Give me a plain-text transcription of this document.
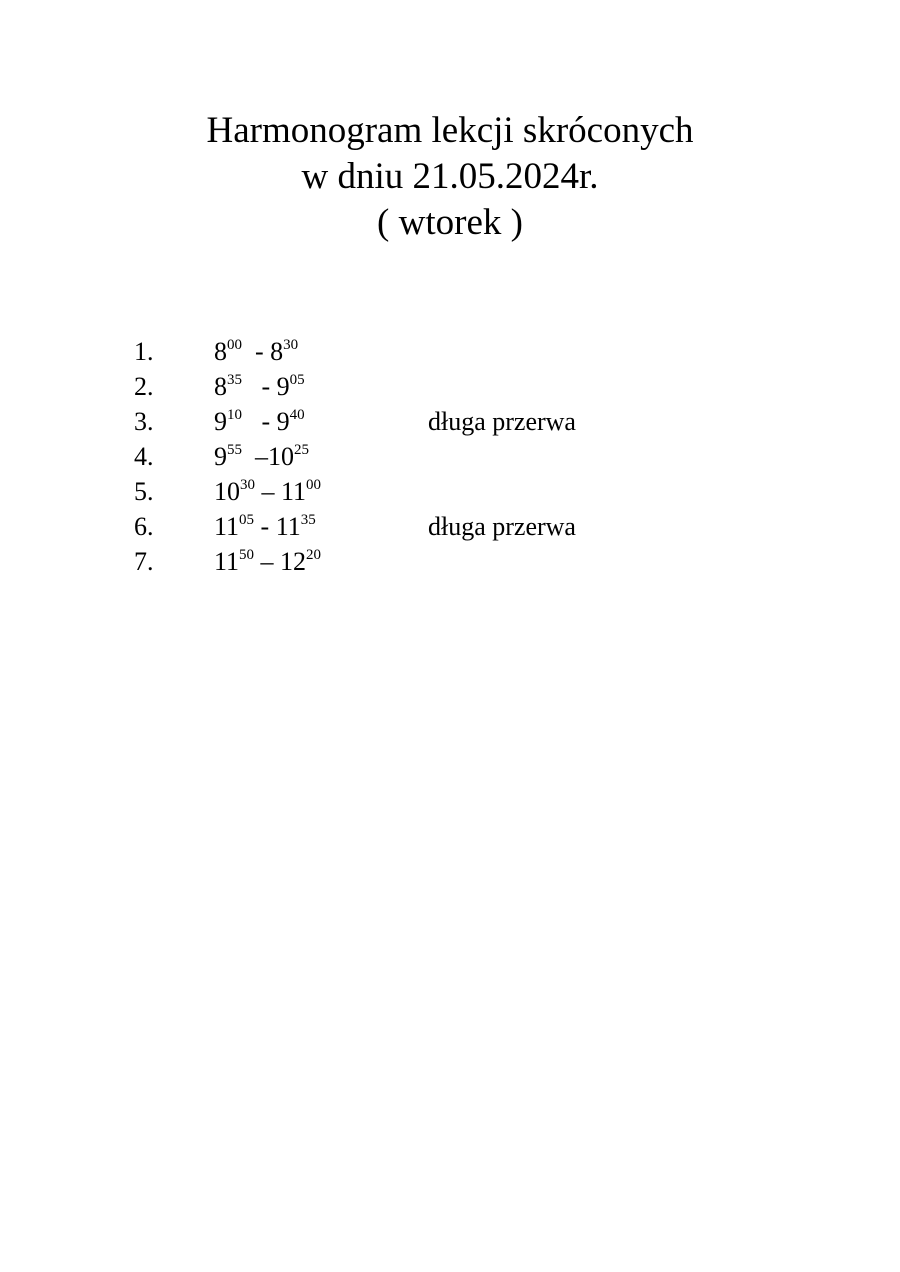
Harmonogram lekcji skróconych
w dniu 21.05.2024r.
( wtorek )
1. $8^{00} - 8^{30}$
2. $8^{35} - 9^{05}$
3. $9^{10} - 9^{40}$	długa przerwa
4. $9^{55}$  $-10^{25}$
5. $10^{30} - 11^{00}$
6. $11^{05} - 11^{35}$	długa przerwa
7. $11^{50} - 12^{20}$
